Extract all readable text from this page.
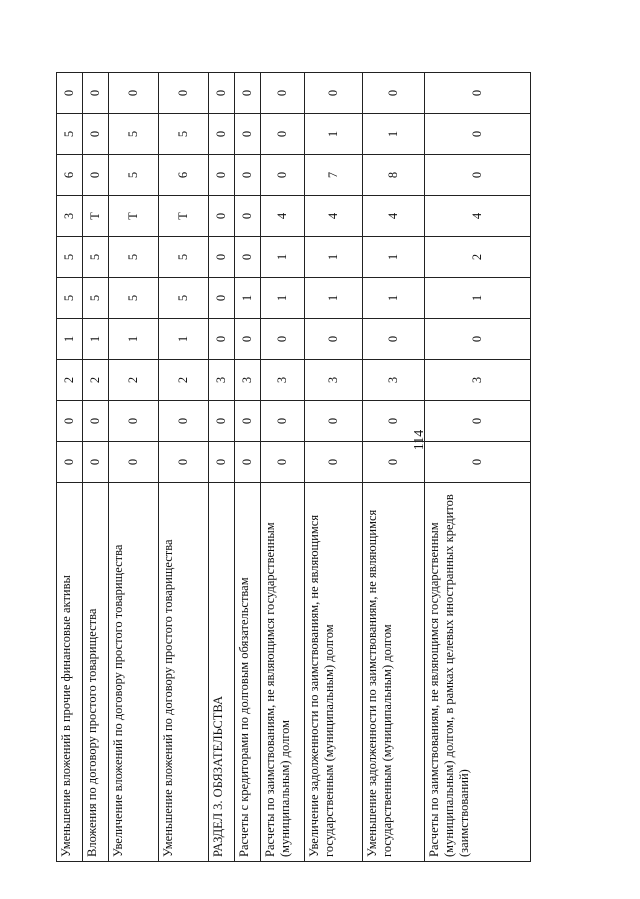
114
Уменьшение вложений в прочие финансовые активы	0	0	2	1	5	5	3	6	5	0
Вложения по договору простого товарищества	0	0	2	1	5	5	Т	0	0	0
Увеличение вложений по договору простого товарищества	0	0	2	1	5	5	Т	5	5	0
Уменьшение вложений по договору простого товарищества	0	0	2	1	5	5	Т	6	5	0
РАЗДЕЛ 3. ОБЯЗАТЕЛЬСТВА	0	0	3	0	0	0	0	0	0	0
Расчеты с кредиторами по долговым обязательствам	0	0	3	0	1	0	0	0	0	0
Расчеты по заимствованиям, не являющимся государственным (муниципальным) долгом	0	0	3	0	1	1	4	0	0	0
Увеличение задолженности по заимствованиям, не являющимся государственным (муниципальным) долгом	0	0	3	0	1	1	4	7	1	0
Уменьшение задолженности по заимствованиям, не являющимся государственным (муниципальным) долгом	0	0	3	0	1	1	4	8	1	0
Расчеты по заимствованиям, не являющимся государственным (муниципальным) долгом, в рамках целевых иностранных кредитов (заимствований)	0	0	3	0	1	2	4	0	0	0
